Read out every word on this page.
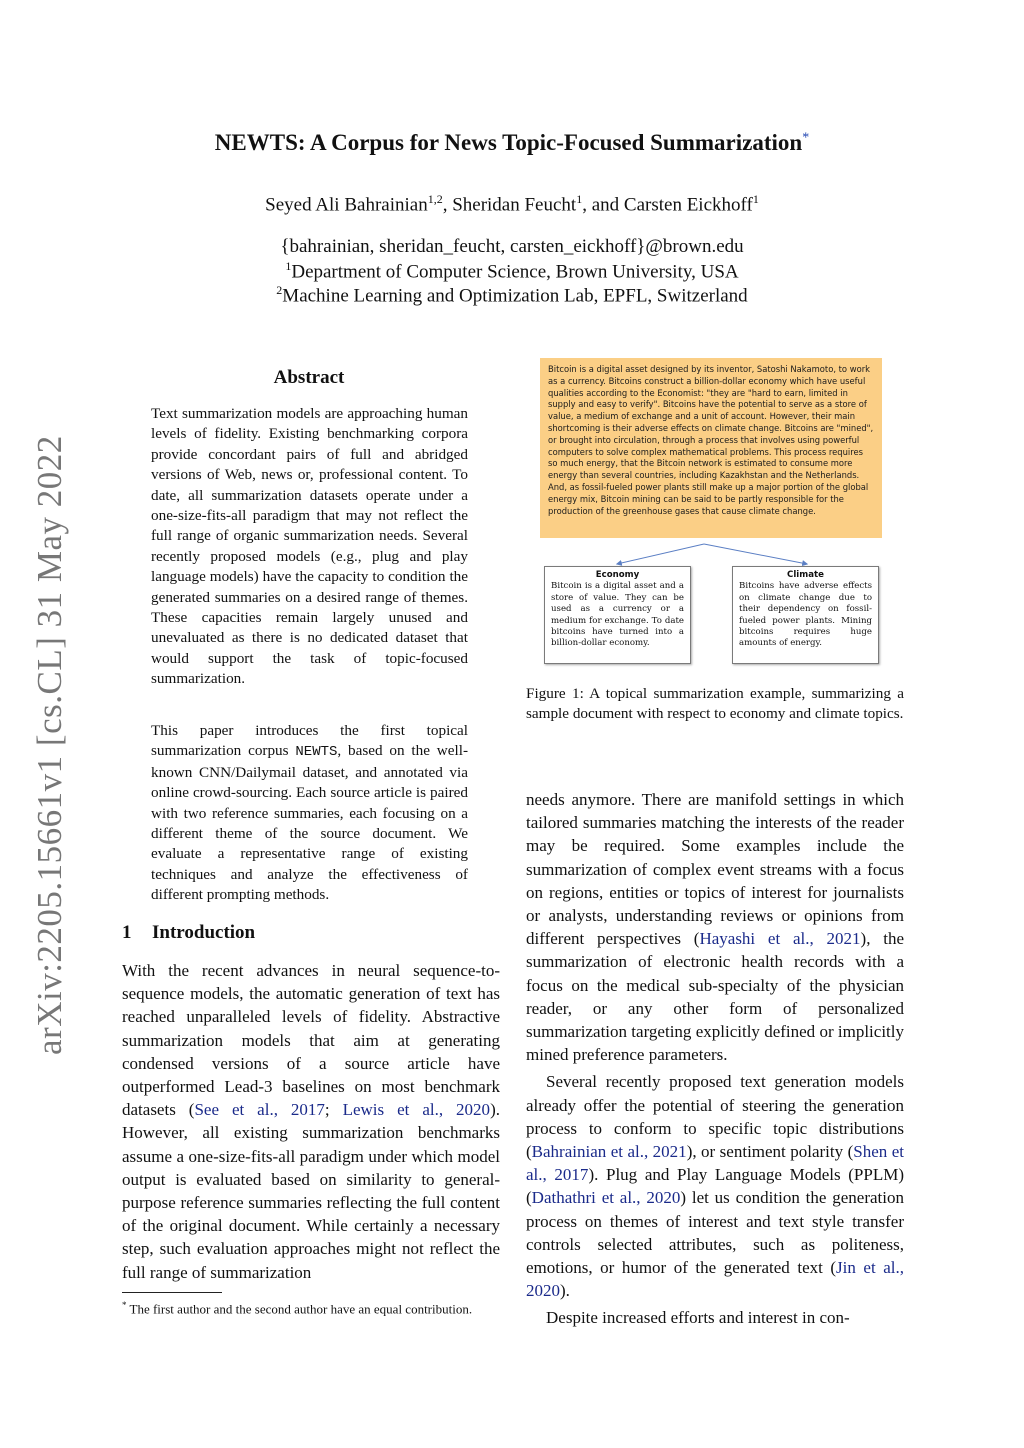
NEWTS: A Corpus for News Topic-Focused Summarization*
Seyed Ali Bahrainian$^{1,2}$, Sheridan Feucht$^1$, and Carsten Eickhoff$^1$
{bahrainian, sheridan_feucht, carsten_eickhoff}@brown.edu
$^1$Department of Computer Science, Brown University, USA
$^2$Machine Learning and Optimization Lab, EPFL, Switzerland
arXiv:2205.15661v1 [cs.CL] 31 May 2022
Abstract

Text summarization models are approaching human levels of fidelity. Existing benchmarking corpora provide concordant pairs of full and abridged versions of Web, news or, professional content. To date, all summarization datasets operate under a one-size-fits-all paradigm that may not reflect the full range of organic summarization needs. Several recently proposed models (e.g., plug and play language models) have the capacity to condition the generated summaries on a desired range of themes. These capacities remain largely unused and unevaluated as there is no dedicated dataset that would support the task of topic-focused summarization.

This paper introduces the first topical summarization corpus NEWTS, based on the well-known CNN/Dailymail dataset, and annotated via online crowd-sourcing. Each source article is paired with two reference summaries, each focusing on a different theme of the source document. We evaluate a representative range of existing techniques and analyze the effectiveness of different prompting methods.

1 Introduction

With the recent advances in neural sequence-to-sequence models, the automatic generation of text has reached unparalleled levels of fidelity. Abstractive summarization models that aim at generating condensed versions of a source article have outperformed Lead-3 baselines on most benchmark datasets (See et al., 2017; Lewis et al., 2020). However, all existing summarization benchmarks assume a one-size-fits-all paradigm under which model output is evaluated based on similarity to general-purpose reference summaries reflecting the full content of the original document. While certainly a necessary step, such evaluation approaches might not reflect the full range of summarization

* The first author and the second author have an equal contribution.
Bitcoin is a digital asset designed by its inventor, Satoshi Nakamoto, to work as a currency. Bitcoins construct a billion-dollar economy which have useful qualities according to the Economist: "they are "hard to earn, limited in supply and easy to verify". Bitcoins have the potential to serve as a store of value, a medium of exchange and a unit of account. However, their main shortcoming is their adverse effects on climate change. Bitcoins are "mined", or brought into circulation, through a process that involves using powerful computers to solve complex mathematical problems. This process requires so much energy, that the Bitcoin network is estimated to consume more energy than several countries, including Kazakhstan and the Netherlands. And, as fossil-fueled power plants still make up a major portion of the global energy mix, Bitcoin mining can be said to be partly responsible for the production of the greenhouse gases that cause climate change.
Economy
Bitcoin is a digital asset and a store of value. They can be used as a currency or a medium for exchange. To date bitcoins have turned into a billion-dollar economy.
Climate
Bitcoins have adverse effects on climate change due to their dependency on fossil-fueled power plants. Mining bitcoins requires huge amounts of energy.
Figure 1: A topical summarization example, summarizing a sample document with respect to economy and climate topics.

needs anymore. There are manifold settings in which tailored summaries matching the interests of the reader may be required. Some examples include the summarization of complex event streams with a focus on regions, entities or topics of interest for journalists or analysts, understanding reviews or opinions from different perspectives (Hayashi et al., 2021), the summarization of electronic health records with a focus on the medical sub-specialty of the physician reader, or any other form of personalized summarization targeting explicitly defined or implicitly mined preference parameters.

Several recently proposed text generation models already offer the potential of steering the generation process to conform to specific topic distributions (Bahrainian et al., 2021), or sentiment polarity (Shen et al., 2017). Plug and Play Language Models (PPLM) (Dathathri et al., 2020) let us condition the generation process on themes of interest and text style transfer controls selected attributes, such as politeness, emotions, or humor of the generated text (Jin et al., 2020).

Despite increased efforts and interest in con-
